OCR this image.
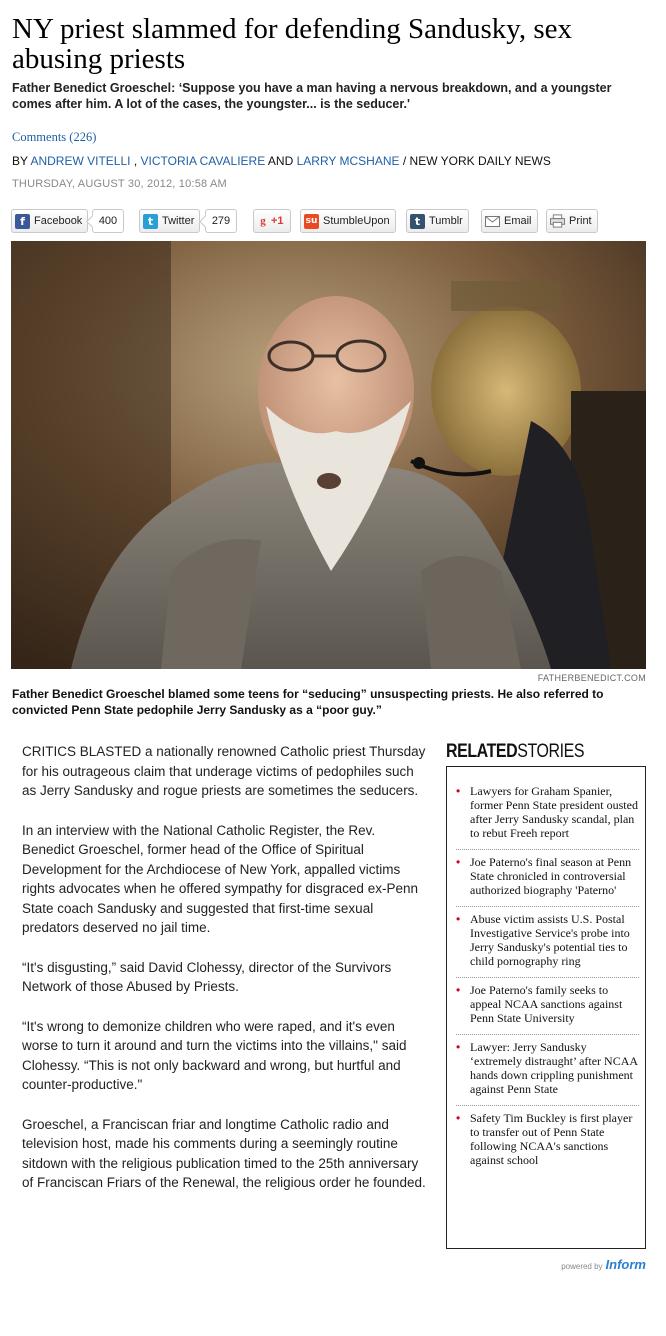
NY priest slammed for defending Sandusky, sex abusing priests

Father Benedict Groeschel: ‘Suppose you have a man having a nervous breakdown, and a youngster comes after him. A lot of the cases, the youngster... is the seducer.'

Comments (226)
BY ANDREW VITELLI , VICTORIA CAVALIERE AND LARRY MCSHANE / NEW YORK DAILY NEWS
THURSDAY, AUGUST 30, 2012, 10:58 AM
f Facebook	400	t Twitter	279	g +1 su StumbleUpon	t Tumblr	Email	Print
FATHERBENEDICT.COM
Father Benedict Groeschel blamed some teens for “seducing” unsuspecting priests. He also referred to convicted Penn State pedophile Jerry Sandusky as a “poor guy.”

CRITICS BLASTED a nationally renowned Catholic priest Thursday for his outrageous claim that underage victims of pedophiles such as Jerry Sandusky and rogue priests are sometimes the seducers.

In an interview with the National Catholic Register, the Rev. Benedict Groeschel, former head of the Office of Spiritual Development for the Archdiocese of New York, appalled victims rights advocates when he offered sympathy for disgraced ex-Penn State coach Sandusky and suggested that first-time sexual predators deserved no jail time.

“It's disgusting,” said David Clohessy, director of the Survivors Network of those Abused by Priests.

“It's wrong to demonize children who were raped, and it's even worse to turn it around and turn the victims into the villains," said Clohessy. “This is not only backward and wrong, but hurtful and counter-productive."

Groeschel, a Franciscan friar and longtime Catholic radio and television host, made his comments during a seemingly routine sitdown with the religious publication timed to the 25th anniversary of Franciscan Friars of the Renewal, the religious order he founded.

RELATEDSTORIES
• Lawyers for Graham Spanier, former Penn State president ousted after Jerry Sandusky scandal, plan to rebut Freeh report
• Joe Paterno's final season at Penn State chronicled in controversial authorized biography 'Paterno'
• Abuse victim assists U.S. Postal Investigative Service's probe into Jerry Sandusky's potential ties to child pornography ring
• Joe Paterno's family seeks to appeal NCAA sanctions against Penn State University
• Lawyer: Jerry Sandusky ‘extremely distraught’ after NCAA hands down crippling punishment against Penn State
• Safety Tim Buckley is first player to transfer out of Penn State following NCAA's sanctions against school
powered by Inform
